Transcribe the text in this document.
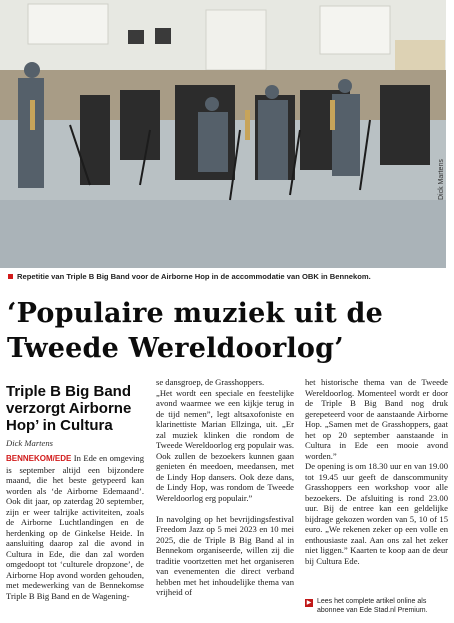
Dick Martens
Repetitie van Triple B Big Band voor de Airborne Hop in de accommodatie van OBK in Bennekom.
‘Populaire muziek uit de
Tweede Wereldoorlog’
Triple B Big Band verzorgt Airborne Hop’ in Cultura
Dick Martens
BENNEKOM/EDE In Ede en omgeving is september altijd een bijzondere maand, die het beste getypeerd kan worden als ‘de Airborne Edemaand’. Ook dit jaar, op zaterdag 20 september, zijn er weer talrijke activiteiten, zoals de Airborne Luchtlandingen en de herdenking op de Ginkelse Heide. In aansluiting daarop zal die avond in Cultura in Ede, die dan zal worden omgedoopt tot ‘culturele dropzone’, de Airborne Hop avond worden gehouden, met medewerking van de Bennekomse Triple B Big Band en de Wagening-
se dansgroep, de Grasshoppers.
„Het wordt een speciale en feestelijke avond waarmee we een kijkje terug in de tijd nemen”, legt altsaxofoniste en klarinettiste Marian Ellzinga, uit. „Er zal muziek klinken die rondom de Tweede Wereldoorlog erg populair was. Ook zullen de bezoekers kunnen gaan genieten én meedoen, meedansen, met de Lindy Hop dansers. Ook deze dans, de Lindy Hop, was rondom de Tweede Wereldoorlog erg populair.”

In navolging op het bevrijdingsfestival Freedom Jazz op 5 mei 2023 en 10 mei 2025, die de Triple B Big Band al in Bennekom organiseerde, willen zij die traditie voortzetten met het organiseren van evenementen die direct verband hebben met het inhoudelijke thema van vrijheid of
het historische thema van de Tweede Wereldoorlog. Momenteel wordt er door de Triple B Big Band nog druk gerepeteerd voor de aanstaande Airborne Hop. „Samen met de Grasshoppers, gaat het op 20 september aanstaande in Cultura in Ede een mooie avond worden.”
De opening is om 18.30 uur en van 19.00 tot 19.45 uur geeft de danscommunity Grasshoppers een workshop voor alle bezoekers. De afsluiting is rond 23.00 uur. Bij de entree kan een geldelijke bijdrage gekozen worden van 5, 10 of 15 euro. „We rekenen zeker op een volle en enthousiaste zaal. Aan ons zal het zeker niet liggen.” Kaarten te koop aan de deur bij Cultura Ede.
▶ Lees het complete artikel online als abonnee van Ede Stad.nl Premium.
